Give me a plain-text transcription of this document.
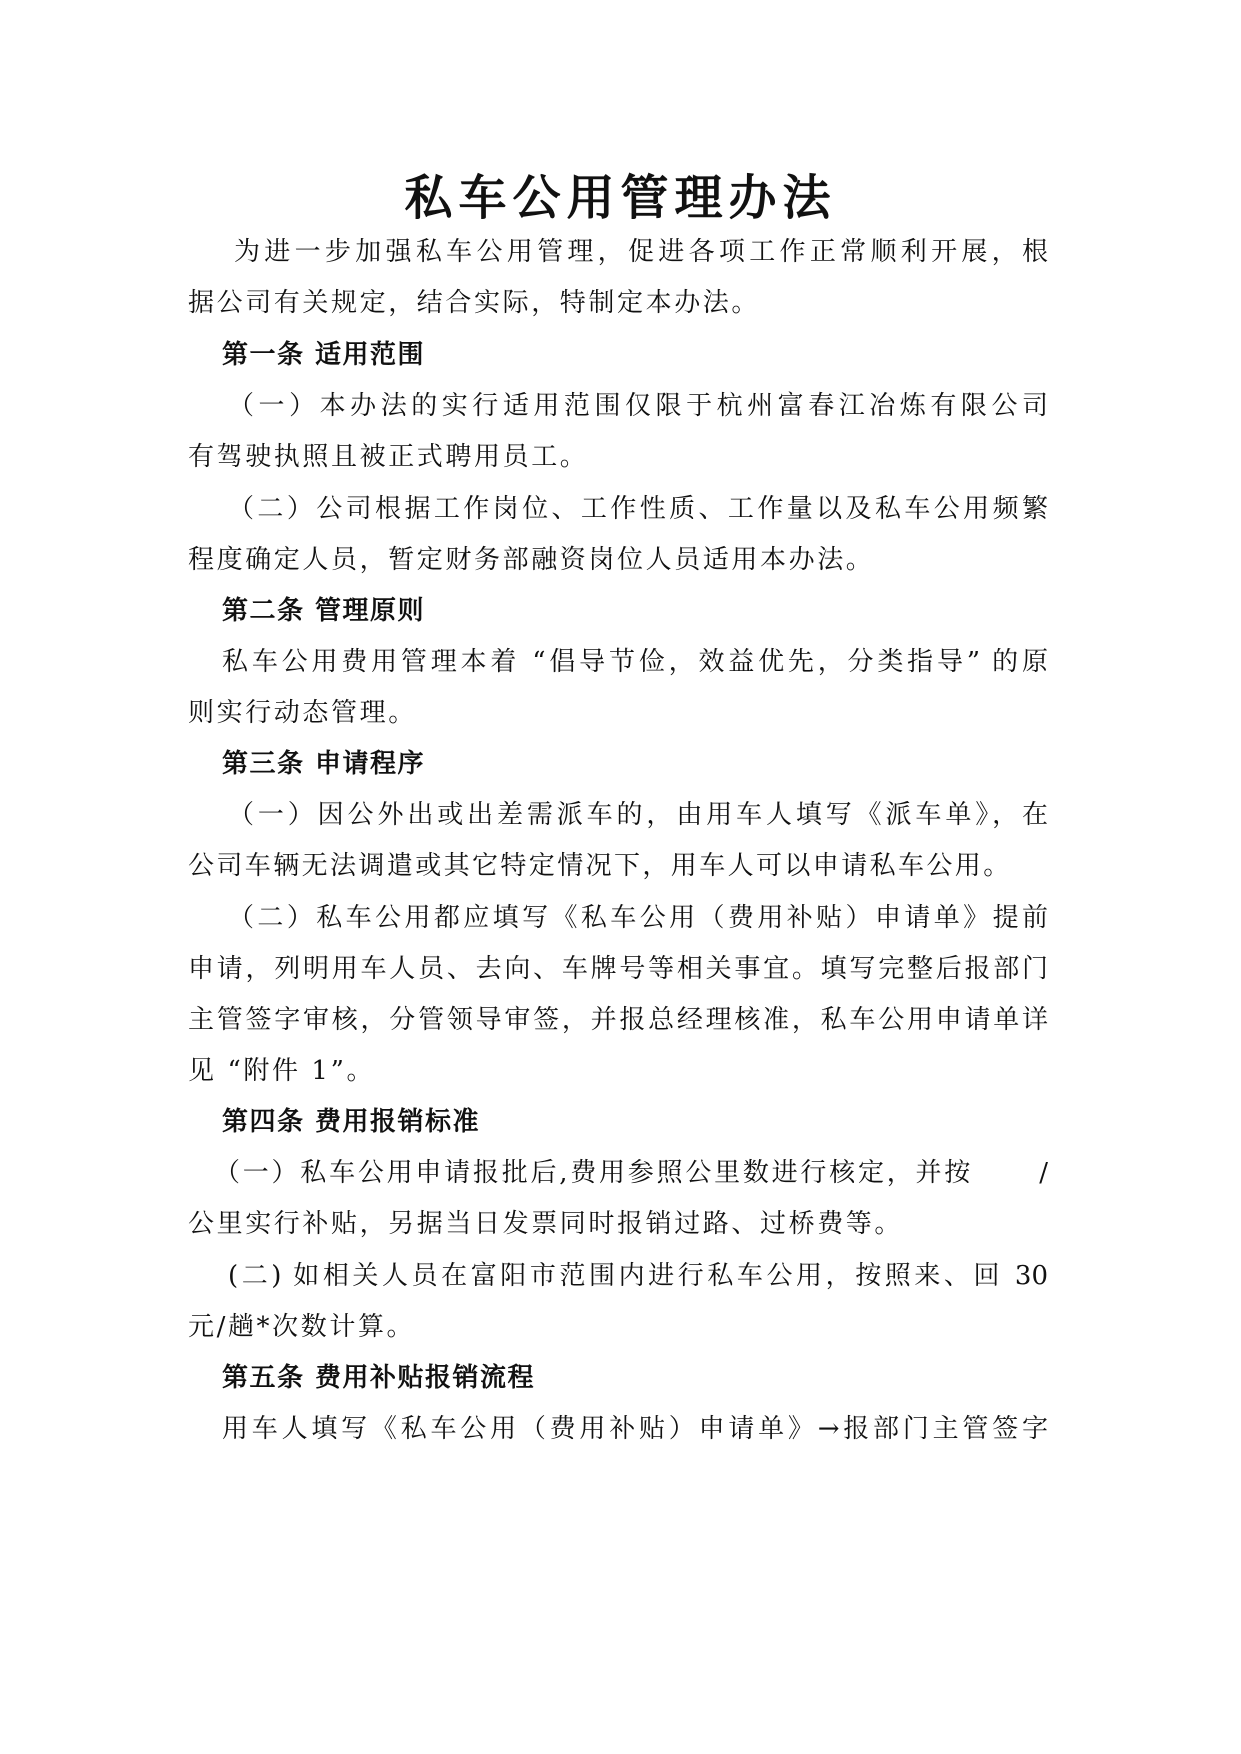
私车公用管理办法
为进一步加强私车公用管理，促进各项工作正常顺利开展，根
据公司有关规定，结合实际，特制定本办法。
第一条 适用范围
（一）本办法的实行适用范围仅限于杭州富春江冶炼有限公司
有驾驶执照且被正式聘用员工。
（二）公司根据工作岗位、工作性质、工作量以及私车公用频繁
程度确定人员，暂定财务部融资岗位人员适用本办法。
第二条 管理原则
私车公用费用管理本着 “倡导节俭，效益优先，分类指导” 的原
则实行动态管理。
第三条 申请程序
（一）因公外出或出差需派车的，由用车人填写《派车单》，在
公司车辆无法调遣或其它特定情况下，用车人可以申请私车公用。
（二）私车公用都应填写《私车公用（费用补贴）申请单》提前
申请，列明用车人员、去向、车牌号等相关事宜。填写完整后报部门
主管签字审核，分管领导审签，并报总经理核准，私车公用申请单详
见 “附件 1”。
第四条 费用报销标准
（一）私车公用申请报批后,费用参照公里数进行核定，并按      /
公里实行补贴，另据当日发票同时报销过路、过桥费等。
(二) 如相关人员在富阳市范围内进行私车公用，按照来、回 30
元/趟*次数计算。
第五条 费用补贴报销流程
用车人填写《私车公用（费用补贴）申请单》→报部门主管签字
